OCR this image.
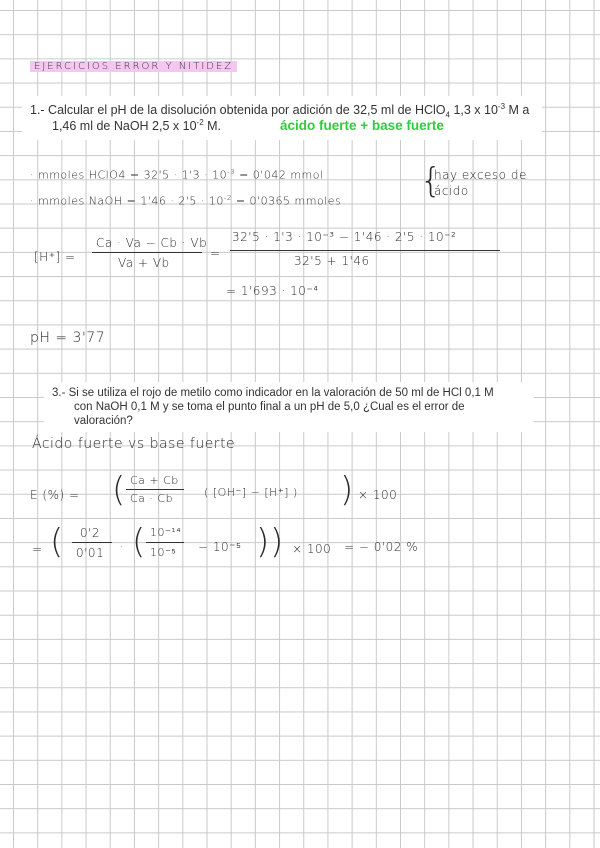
EJERCICIOS ERROR Y NITIDEZ
1.- Calcular el pH de la disolución obtenida por adición de 32,5 ml de HClO$_4$ 1,3 x $10^{-3}$ M a
1,46 ml de NaOH 2,5 x $10^{-2}$ M.	ácido fuerte + base fuerte
· mmoles HClO4 = $32'5 \cdot 1'3 \cdot 10^{-3} = 0'042$ mmol
· mmoles NaOH = $1'46 \cdot 2'5 \cdot 10^{-2} = 0'0365$ mmoles
{
hay exceso de
ácido
[H⁺] =
Ca · Va − Cb · Vb
Va + Vb
=
32'5 · 1'3 · 10⁻³ − 1'46 · 2'5 · 10⁻²
32'5 + 1'46
= 1'693 · 10⁻⁴
pH = 3'77
3.- Si se utiliza el rojo de metilo como indicador en la valoración de 50 ml de HCl 0,1 M
con NaOH 0,1 M y se toma el punto final a un pH de 5,0 ¿Cual es el error de
valoración?
Ácido fuerte vs base fuerte
E (%) = ( Ca + Cb
Ca · Cb	( [OH⁻] − [H⁺] ) ) × 100
= ( 0'2
0'01 · ( 10⁻¹⁴
10⁻⁵ − 10⁻⁵ ) ) × 100 = − 0'02 %
